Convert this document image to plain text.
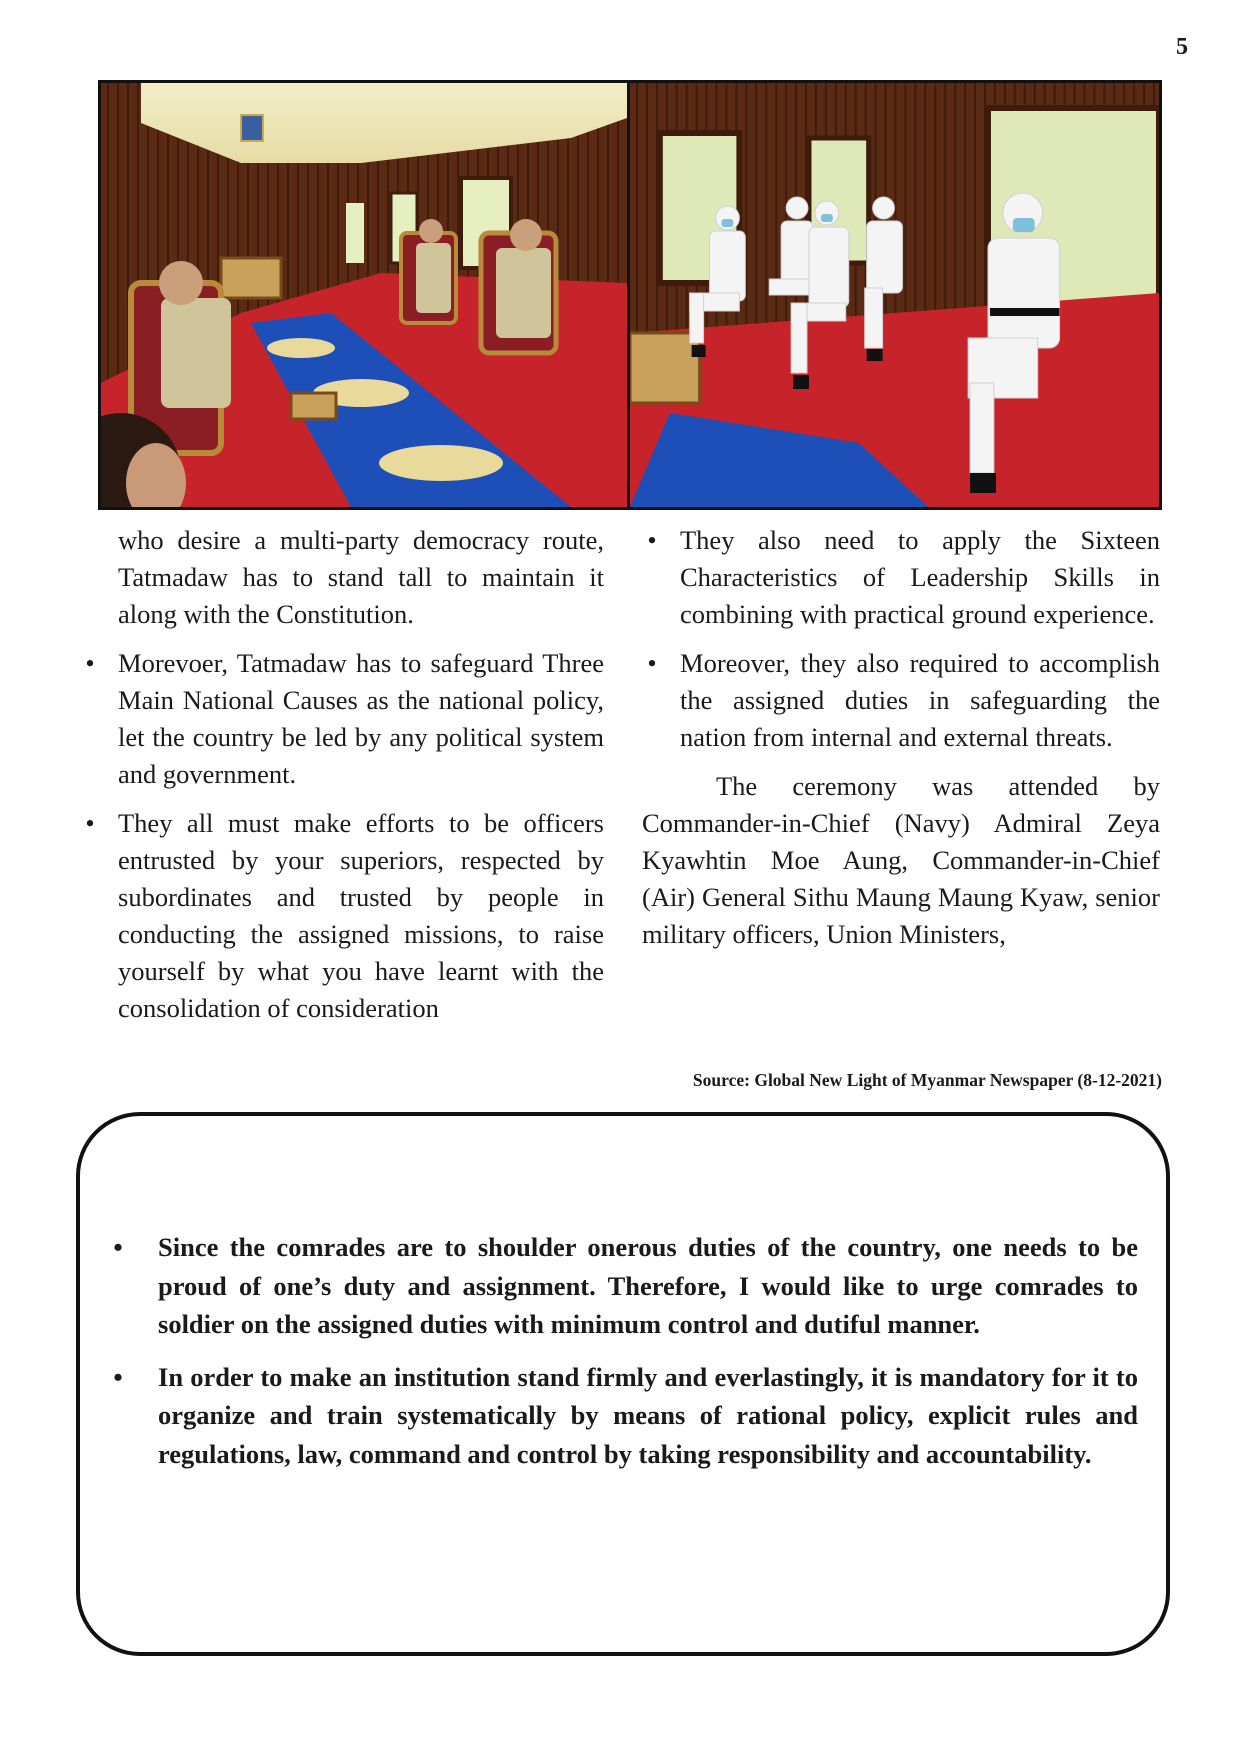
5

who desire a multi-party democracy route, Tatmadaw has to stand tall to maintain it along with the Constitution.

• Morevoer, Tatmadaw has to safeguard Three Main National Causes as the national policy, let the country be led by any political system and government.
• They all must make efforts to be officers entrusted by your superiors, respected by subordinates and trusted by people in conducting the assigned missions, to raise yourself by what you have learnt with the consolidation of consideration
• They also need to apply the Sixteen Characteristics of Leadership Skills in combining with practical ground experience.
• Moreover, they also required to accomplish the assigned duties in safeguarding the nation from internal and external threats.

The ceremony was attended by Commander-in-Chief (Navy) Admiral Zeya Kyawhtin Moe Aung, Commander-in-Chief (Air) General Sithu Maung Maung Kyaw, senior military officers, Union Ministers,

Source: Global New Light of Myanmar Newspaper (8-12-2021)
• Since the comrades are to shoulder onerous duties of the country, one needs to be proud of one’s duty and assignment. Therefore, I would like to urge comrades to soldier on the assigned duties with minimum control and dutiful manner.
• In order to make an institution stand firmly and everlastingly, it is mandatory for it to organize and train systematically by means of rational policy, explicit rules and regulations, law, command and control by taking responsibility and accountability.
